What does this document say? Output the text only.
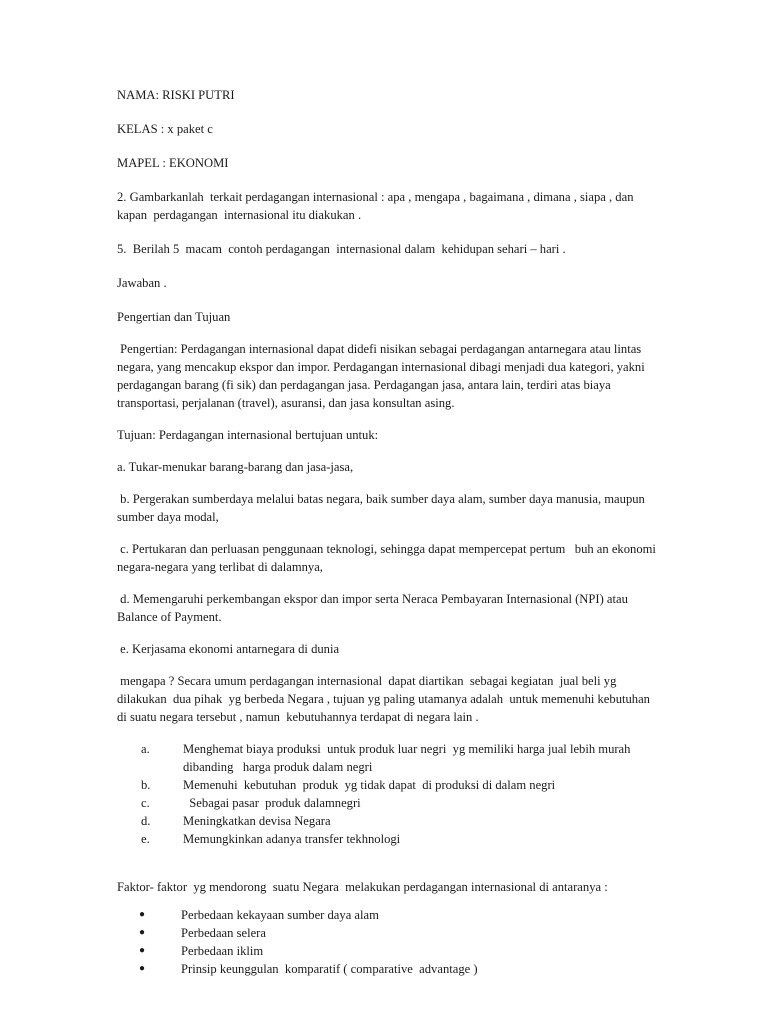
NAMA: RISKI PUTRI

KELAS : x paket c

MAPEL : EKONOMI

2. Gambarkanlah  terkait perdagangan internasional : apa , mengapa , bagaimana , dimana , siapa , dan kapan  perdagangan  internasional itu diakukan .

5.  Berilah 5  macam  contoh perdagangan  internasional dalam  kehidupan sehari – hari .

Jawaban .

Pengertian dan Tujuan

Pengertian: Perdagangan internasional dapat didefi nisikan sebagai perdagangan antarnegara atau lintas negara, yang mencakup ekspor dan impor. Perdagangan internasional dibagi menjadi dua kategori, yakni perdagangan barang (fi sik) dan perdagangan jasa. Perdagangan jasa, antara lain, terdiri atas biaya transportasi, perjalanan (travel), asuransi, dan jasa konsultan asing.

Tujuan: Perdagangan internasional bertujuan untuk:

a. Tukar-menukar barang-barang dan jasa-jasa,

b. Pergerakan sumberdaya melalui batas negara, baik sumber daya alam, sumber daya manusia, maupun sumber daya modal,

c. Pertukaran dan perluasan penggunaan teknologi, sehingga dapat mempercepat pertum   buh an ekonomi negara-negara yang terlibat di dalamnya,

d. Memengaruhi perkembangan ekspor dan impor serta Neraca Pembayaran Internasional (NPI) atau Balance of Payment.

e. Kerjasama ekonomi antarnegara di dunia

mengapa ? Secara umum perdagangan internasional  dapat diartikan  sebagai kegiatan  jual beli yg dilakukan  dua pihak  yg berbeda Negara , tujuan yg paling utamanya adalah  untuk memenuhi kebutuhan di suatu negara tersebut , namun  kebutuhannya terdapat di negara lain .

a.	Menghemat biaya produksi  untuk produk luar negri  yg memiliki harga jual lebih murah dibanding   harga produk dalam negri
b.	Memenuhi  kebutuhan  produk  yg tidak dapat  di produksi di dalam negri
c.	Sebagai pasar  produk dalamnegri
d.	Meningkatkan devisa Negara
e.	Memungkinkan adanya transfer tekhnologi

Faktor- faktor  yg mendorong  suatu Negara  melakukan perdagangan internasional di antaranya :

●	Perbedaan kekayaan sumber daya alam
●	Perbedaan selera
●	Perbedaan iklim
●	Prinsip keunggulan  komparatif ( comparative  advantage )
